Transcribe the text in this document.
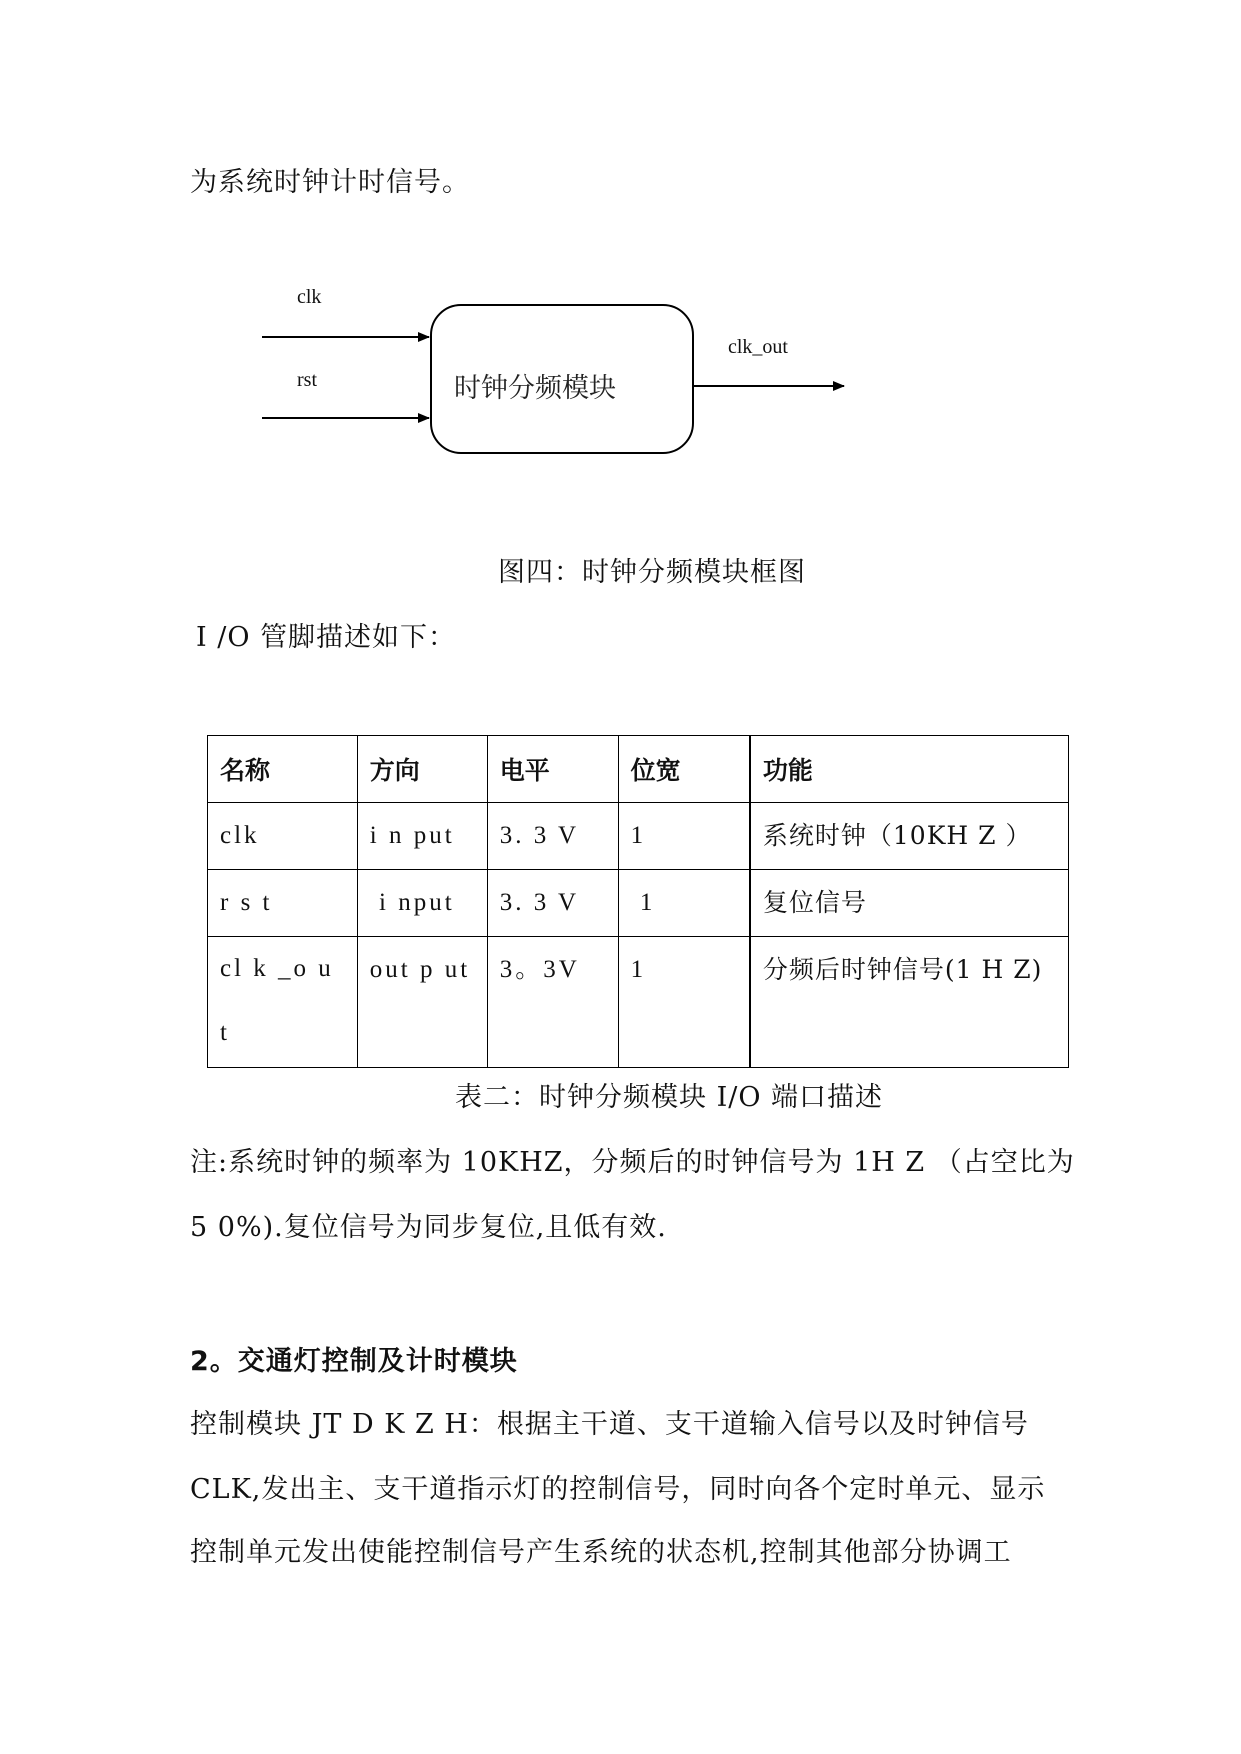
为系统时钟计时信号。
clk
rst	时钟分频模块
clk_out
图四：时钟分频模块框图
I /O 管脚描述如下：
名称	方向	电平	位宽	功能
clk	i n put	3. 3 V	1	系统时钟（10KH Z ）
r s t	i nput	3. 3 V	1	复位信号
cl k _o u t	out p ut	3。3V	1	分频后时钟信号(1 H Z)
表二：时钟分频模块 I/O 端口描述
注:系统时钟的频率为 10KHZ，分频后的时钟信号为 1H Z （占空比为
5 0%).复位信号为同步复位,且低有效.
2。交通灯控制及计时模块
控制模块 JT D K Z H：根据主干道、支干道输入信号以及时钟信号
CLK,发出主、支干道指示灯的控制信号，同时向各个定时单元、显示
控制单元发出使能控制信号产生系统的状态机,控制其他部分协调工
